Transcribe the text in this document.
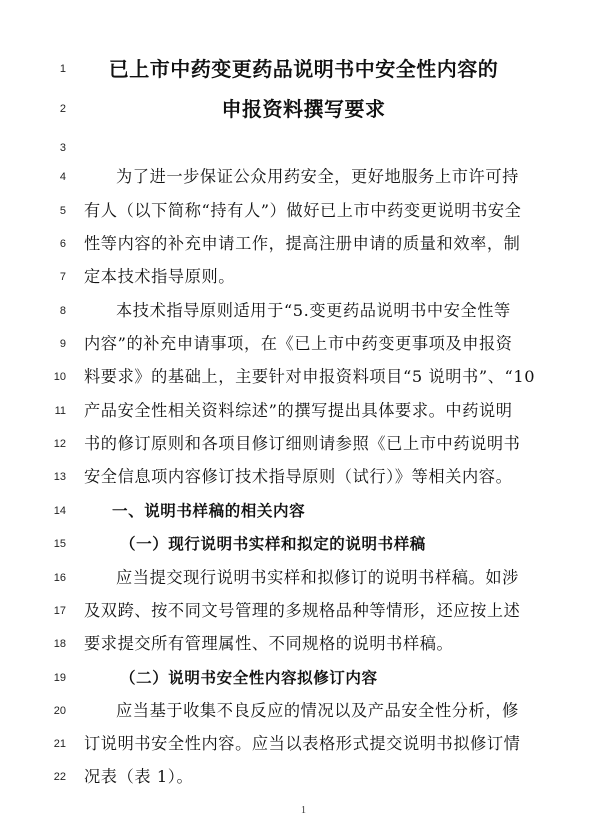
1	已上市中药变更药品说明书中安全性内容的
2	申报资料撰写要求
3
4	为了进一步保证公众用药安全，更好地服务上市许可持
5 有人（以下简称“持有人”）做好已上市中药变更说明书安全
6 性等内容的补充申请工作，提高注册申请的质量和效率，制
7 定本技术指导原则。
8	本技术指导原则适用于“5.变更药品说明书中安全性等
9 内容”的补充申请事项，在《已上市中药变更事项及申报资
10 料要求》的基础上，主要针对申报资料项目“5 说明书”、“10
11 产品安全性相关资料综述”的撰写提出具体要求。中药说明
12 书的修订原则和各项目修订细则请参照《已上市中药说明书
13 安全信息项内容修订技术指导原则（试行）》等相关内容。
14	一、说明书样稿的相关内容
15	（一）现行说明书实样和拟定的说明书样稿
16	应当提交现行说明书实样和拟修订的说明书样稿。如涉
17 及双跨、按不同文号管理的多规格品种等情形，还应按上述
18 要求提交所有管理属性、不同规格的说明书样稿。
19	（二）说明书安全性内容拟修订内容
20	应当基于收集不良反应的情况以及产品安全性分析，修
21 订说明书安全性内容。应当以表格形式提交说明书拟修订情
22 况表（表 1）。
1
